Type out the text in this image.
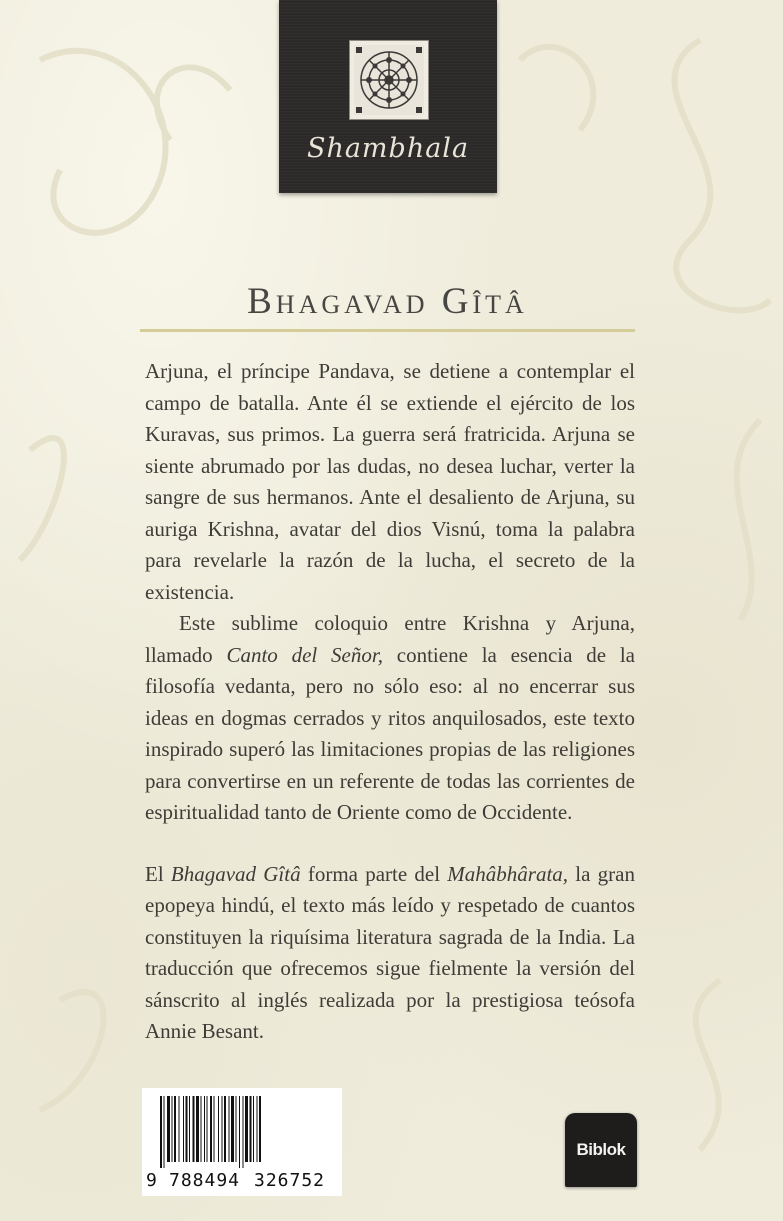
Shambhala
Bhagavad Gîtâ

Arjuna, el príncipe Pandava, se detiene a contemplar el campo de batalla. Ante él se extiende el ejército de los Kuravas, sus primos. La guerra será fratricida. Arjuna se siente abrumado por las dudas, no desea luchar, verter la sangre de sus hermanos. Ante el desaliento de Arjuna, su auriga Krishna, avatar del dios Visnú, toma la palabra para revelarle la razón de la lucha, el secreto de la existencia.

Este sublime coloquio entre Krishna y Arjuna, llamado Canto del Señor, contiene la esencia de la filosofía vedanta, pero no sólo eso: al no encerrar sus ideas en dogmas cerrados y ritos anquilosados, este texto inspirado superó las limitaciones propias de las religiones para convertirse en un referente de todas las corrientes de espiritualidad tanto de Oriente como de Occidente.

El Bhagavad Gîtâ forma parte del Mahâbhârata, la gran epopeya hindú, el texto más leído y respetado de cuantos constituyen la riquísima literatura sagrada de la India. La traducción que ofrecemos sigue fielmente la versión del sánscrito al inglés realizada por la prestigiosa teósofa Annie Besant.

9 788494 326752
Biblok
